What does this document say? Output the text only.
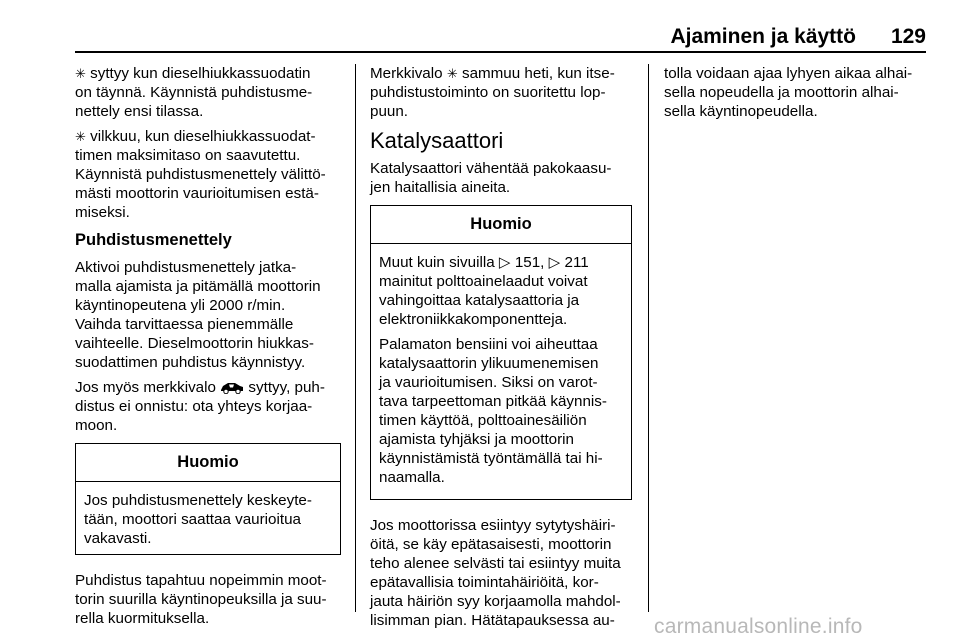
Ajaminen ja käyttö 129

✳ syttyy kun dieselhiukkassuodatin
on täynnä. Käynnistä puhdistusme-
nettely ensi tilassa.

✳ vilkkuu, kun dieselhiukkassuodat-
timen maksimitaso on saavutettu.
Käynnistä puhdistusmenettely välittö-
mästi moottorin vaurioitumisen estä-
miseksi.

Puhdistusmenettely

Aktivoi puhdistusmenettely jatka-
malla ajamista ja pitämällä moottorin
käyntinopeutena yli 2000 r/min.
Vaihda tarvittaessa pienemmälle
vaihteelle. Dieselmoottorin hiukkas-
suodattimen puhdistus käynnistyy.

Jos myös merkkivalo syttyy, puh-
distus ei onnistu: ota yhteys korjaa-
moon.

Huomio
Jos puhdistusmenettely keskeyte-
tään, moottori saattaa vaurioitua
vakavasti.

Puhdistus tapahtuu nopeimmin moot-
torin suurilla käyntinopeuksilla ja suu-
rella kuormituksella.

Merkkivalo ✳ sammuu heti, kun itse-
puhdistustoiminto on suoritettu lop-
puun.

Katalysaattori

Katalysaattori vähentää pakokaasu-
jen haitallisia aineita.

Huomio

Muut kuin sivuilla ▷ 151, ▷ 211
mainitut polttoainelaadut voivat
vahingoittaa katalysaattoria ja
elektroniikkakomponentteja.

Palamaton bensiini voi aiheuttaa
katalysaattorin ylikuumenemisen
ja vaurioitumisen. Siksi on varot-
tava tarpeettoman pitkää käynnis-
timen käyttöä, polttoainesäiliön
ajamista tyhjäksi ja moottorin
käynnistämistä työntämällä tai hi-
naamalla.

Jos moottorissa esiintyy sytytyshäiri-
öitä, se käy epätasaisesti, moottorin
teho alenee selvästi tai esiintyy muita
epätavallisia toimintahäiriöitä, kor-
jauta häiriön syy korjaamolla mahdol-
lisimman pian. Hätätapauksessa au-

tolla voidaan ajaa lyhyen aikaa alhai-
sella nopeudella ja moottorin alhai-
sella käyntinopeudella.

carmanualsonline.info
